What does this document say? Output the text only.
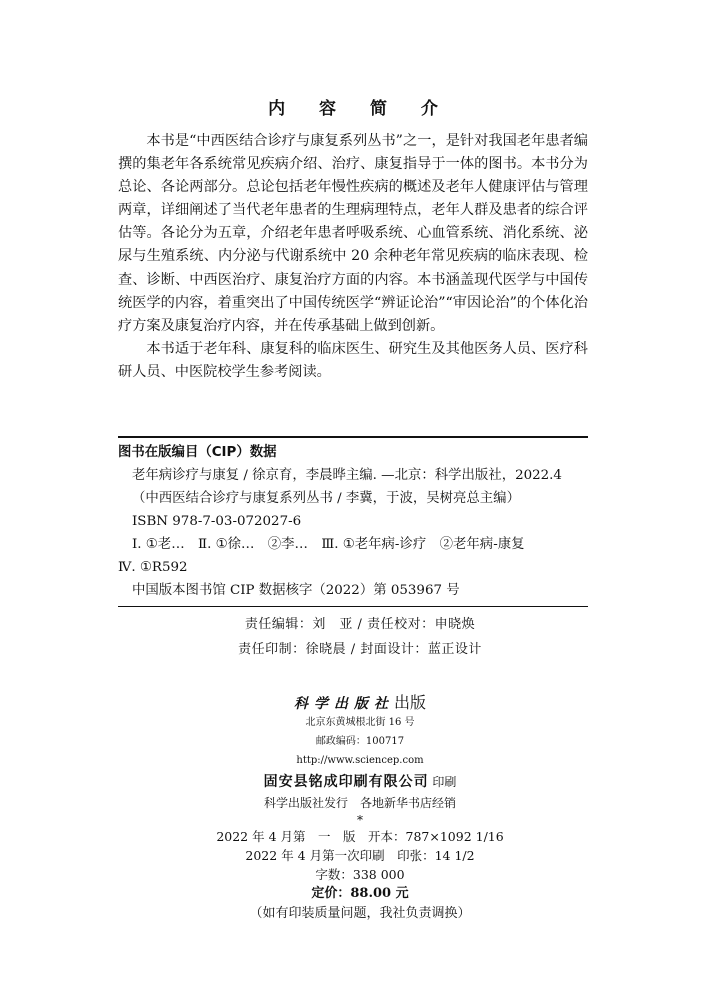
内 容 简 介

本书是“中西医结合诊疗与康复系列丛书”之一，是针对我国老年患者编撰的集老年各系统常见疾病介绍、治疗、康复指导于一体的图书。本书分为总论、各论两部分。总论包括老年慢性疾病的概述及老年人健康评估与管理两章，详细阐述了当代老年患者的生理病理特点，老年人群及患者的综合评估等。各论分为五章，介绍老年患者呼吸系统、心血管系统、消化系统、泌尿与生殖系统、内分泌与代谢系统中 20 余种老年常见疾病的临床表现、检查、诊断、中西医治疗、康复治疗方面的内容。本书涵盖现代医学与中国传统医学的内容，着重突出了中国传统医学“辨证论治”“审因论治”的个体化治疗方案及康复治疗内容，并在传承基础上做到创新。

本书适于老年科、康复科的临床医生、研究生及其他医务人员、医疗科研人员、中医院校学生参考阅读。

图书在版编目（CIP）数据
老年病诊疗与康复 / 徐京育，李晨晔主编. —北京：科学出版社，2022.4
（中西医结合诊疗与康复系列丛书 / 李冀，于波，吴树亮总主编）
ISBN 978-7-03-072027-6
Ⅰ. ①老…　Ⅱ. ①徐…　②李…　Ⅲ. ①老年病-诊疗　②老年病-康复
Ⅳ. ①R592
中国版本图书馆 CIP 数据核字（2022）第 053967 号
责任编辑：刘　亚 / 责任校对：申晓焕
责任印制：徐晓晨 / 封面设计：蓝正设计
科学出版社出版
北京东黄城根北街 16 号
邮政编码：100717
http://www.sciencep.com
固安县铭成印刷有限公司 印刷
科学出版社发行　各地新华书店经销
*
2022 年 4 月第　一　版　开本：787×1092 1/16
2022 年 4 月第一次印刷　印张：14 1/2
字数：338 000
定价：88.00 元
（如有印装质量问题，我社负责调换）
